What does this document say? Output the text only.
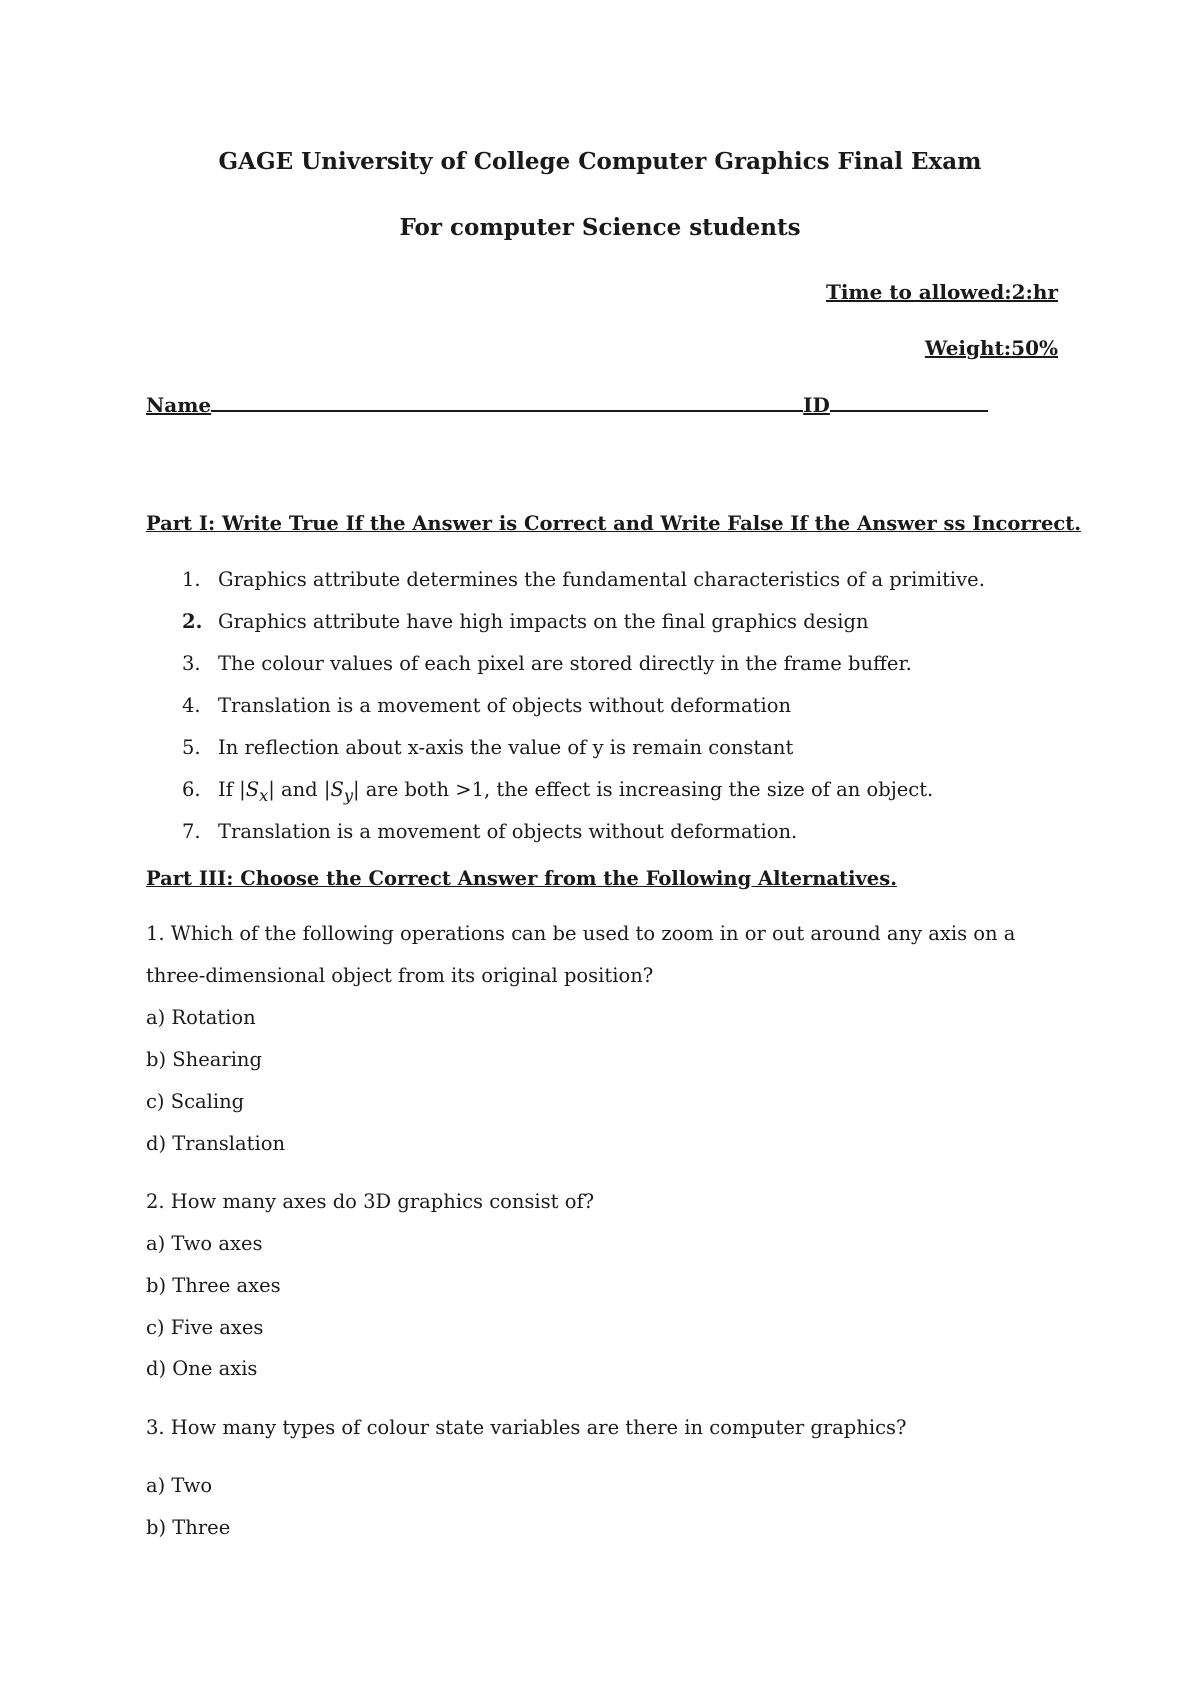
GAGE University of College Computer Graphics Final Exam
For computer Science students

Time to allowed:2:hr

Weight:50%

Name	ID

Part I: Write True If the Answer is Correct and Write False If the Answer ss Incorrect.

1. Graphics attribute determines the fundamental characteristics of a primitive.
2. Graphics attribute have high impacts on the final graphics design
3. The colour values of each pixel are stored directly in the frame buffer.
4. Translation is a movement of objects without deformation
5. In reflection about x-axis the value of y is remain constant
6. If $|S_x|$ and $|S_y|$ are both >1, the effect is increasing the size of an object.
7. Translation is a movement of objects without deformation.

Part III: Choose the Correct Answer from the Following Alternatives.

1. Which of the following operations can be used to zoom in or out around any axis on a

three-dimensional object from its original position?

a) Rotation

b) Shearing

c) Scaling

d) Translation

2. How many axes do 3D graphics consist of?

a) Two axes

b) Three axes

c) Five axes

d) One axis

3. How many types of colour state variables are there in computer graphics?

a) Two

b) Three
